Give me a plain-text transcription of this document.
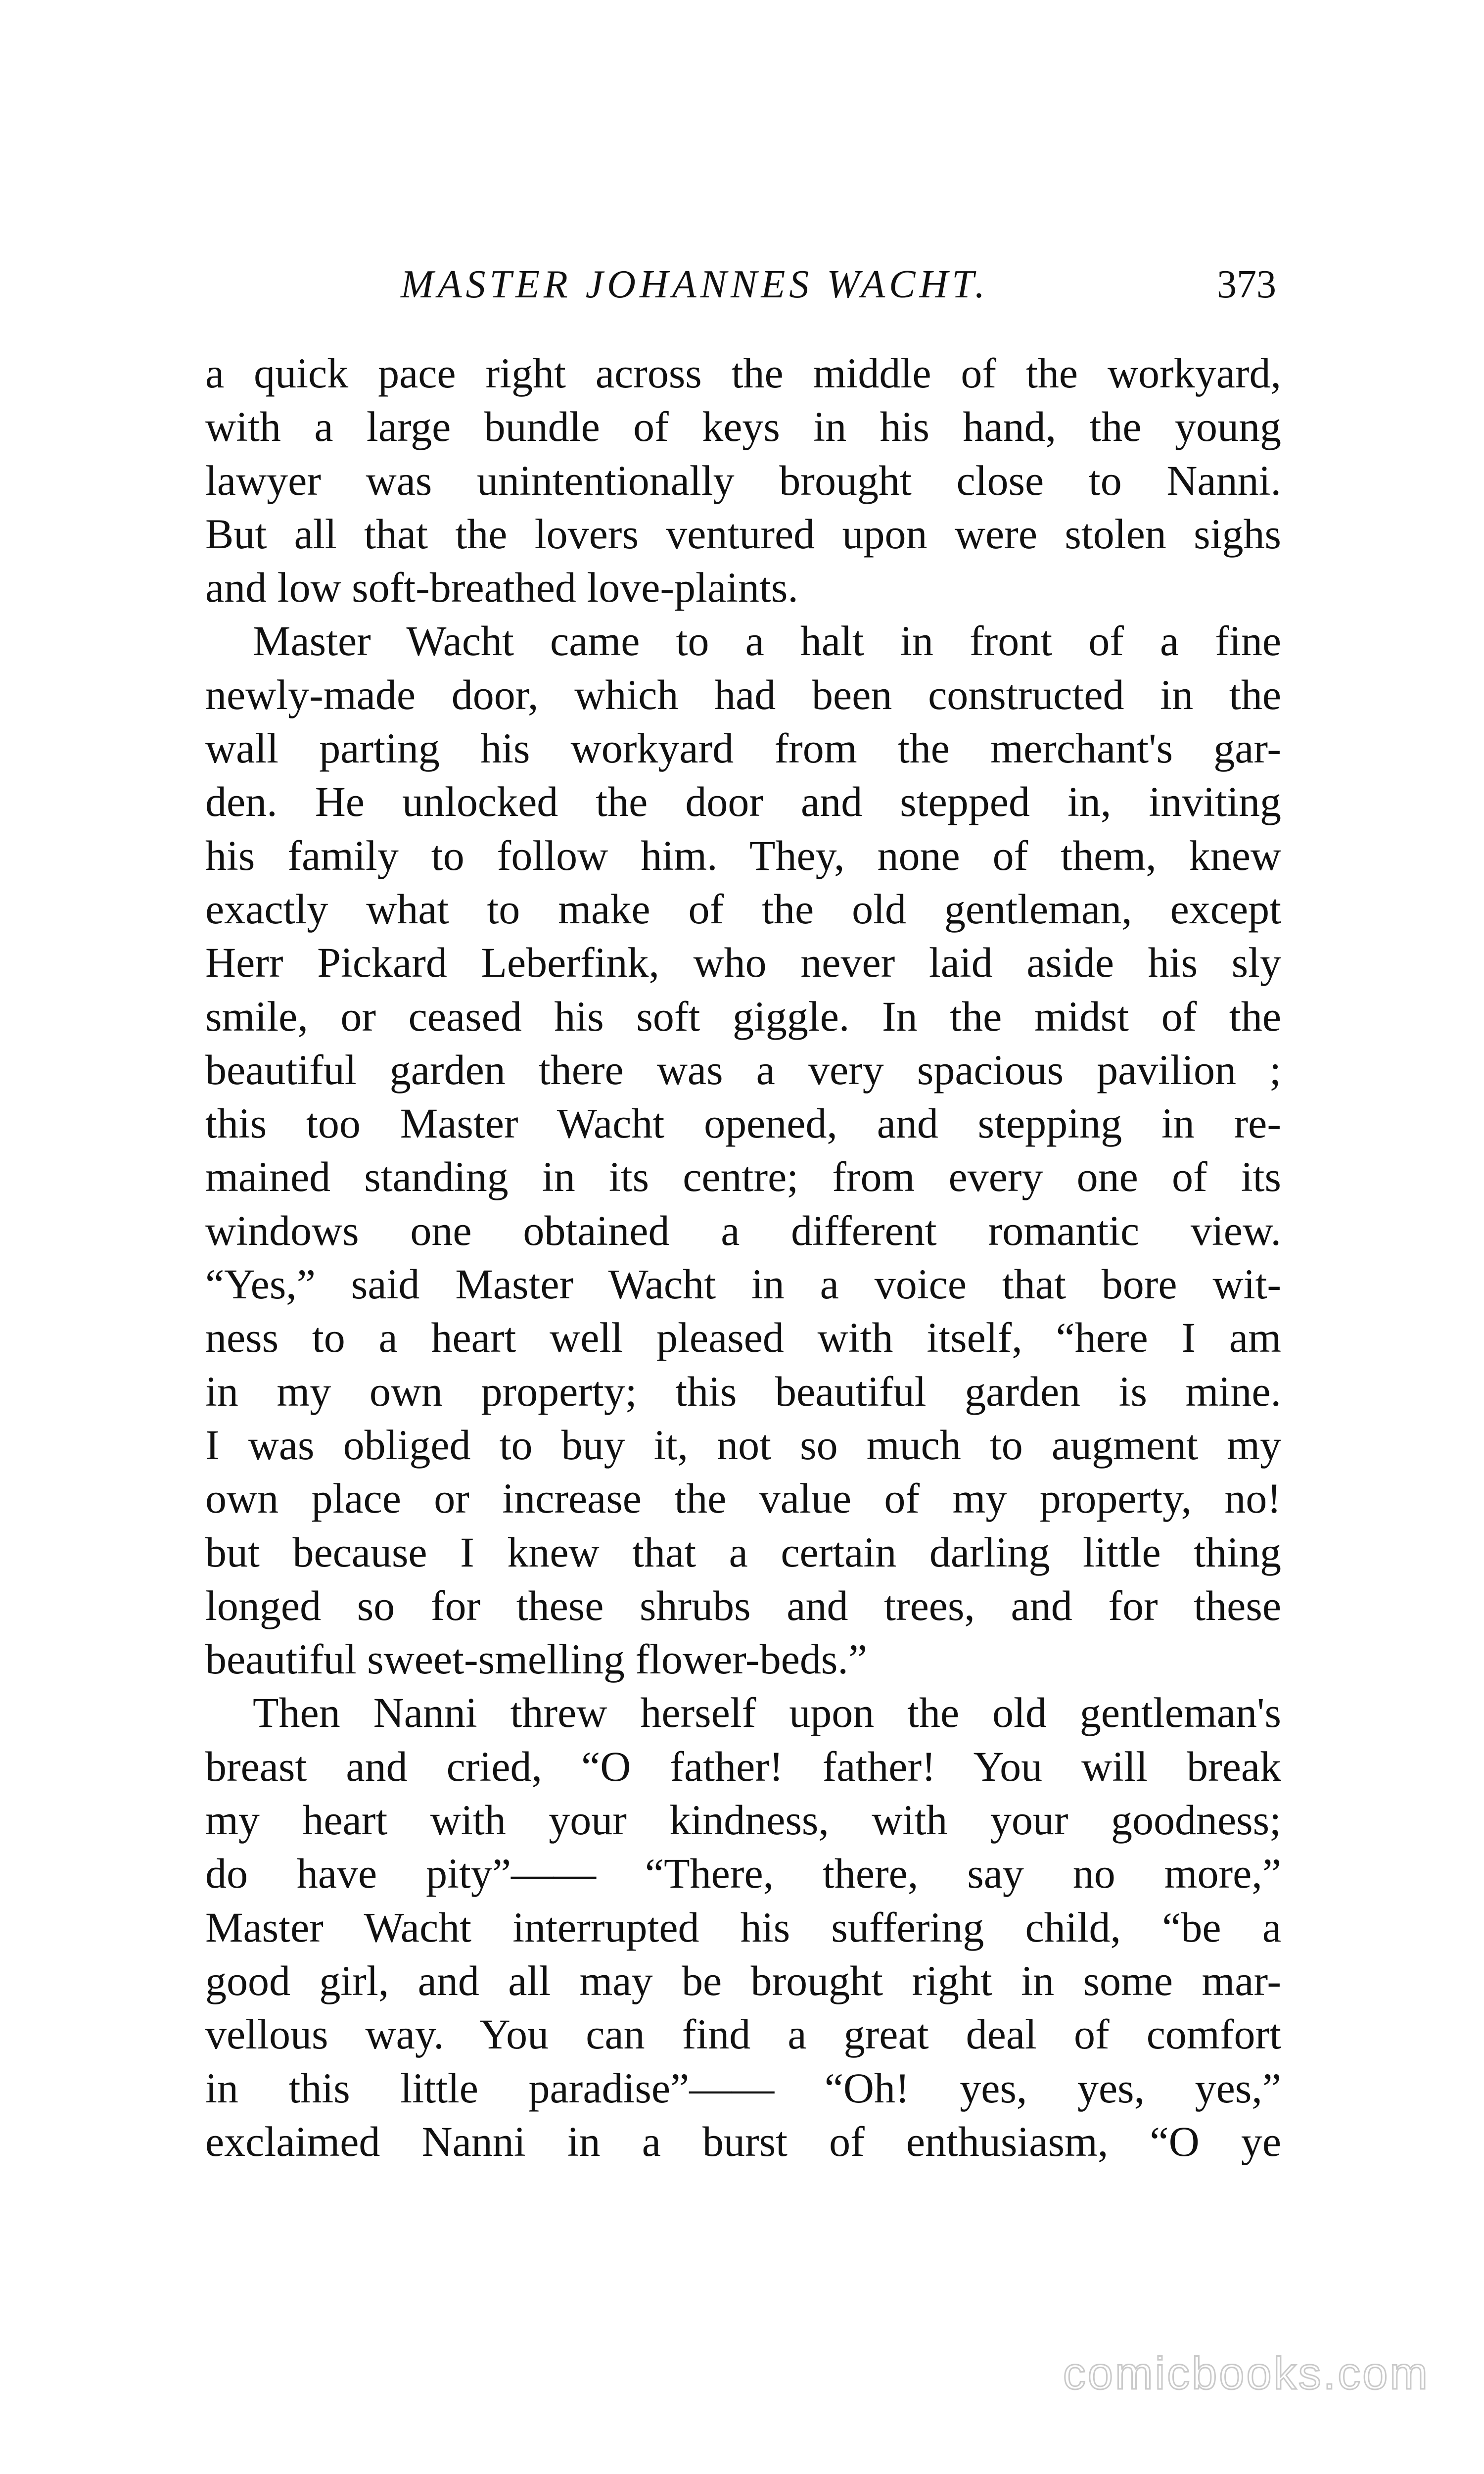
MASTER JOHANNES WACHT.	373
a quick pace right across the middle of the workyard,
with a large bundle of keys in his hand, the young
lawyer was unintentionally brought close to Nanni.
But all that the lovers ventured upon were stolen sighs
and low soft-breathed love-plaints.
Master Wacht came to a halt in front of a fine
newly-made door, which had been constructed in the
wall parting his workyard from the merchant's gar-
den. He unlocked the door and stepped in, inviting
his family to follow him. They, none of them, knew
exactly what to make of the old gentleman, except
Herr Pickard Leberfink, who never laid aside his sly
smile, or ceased his soft giggle. In the midst of the
beautiful garden there was a very spacious pavilion ;
this too Master Wacht opened, and stepping in re-
mained standing in its centre; from every one of its
windows one obtained a different romantic view.
“Yes,” said Master Wacht in a voice that bore wit-
ness to a heart well pleased with itself, “here I am
in my own property; this beautiful garden is mine.
I was obliged to buy it, not so much to augment my
own place or increase the value of my property, no!
but because I knew that a certain darling little thing
longed so for these shrubs and trees, and for these
beautiful sweet-smelling flower-beds.”
Then Nanni threw herself upon the old gentleman's
breast and cried, “O father! father! You will break
my heart with your kindness, with your goodness;
do have pity”—— “There, there, say no more,”
Master Wacht interrupted his suffering child, “be a
good girl, and all may be brought right in some mar-
vellous way. You can find a great deal of comfort
in this little paradise”—— “Oh! yes, yes, yes,”
exclaimed Nanni in a burst of enthusiasm, “O ye
comicbooks.com
